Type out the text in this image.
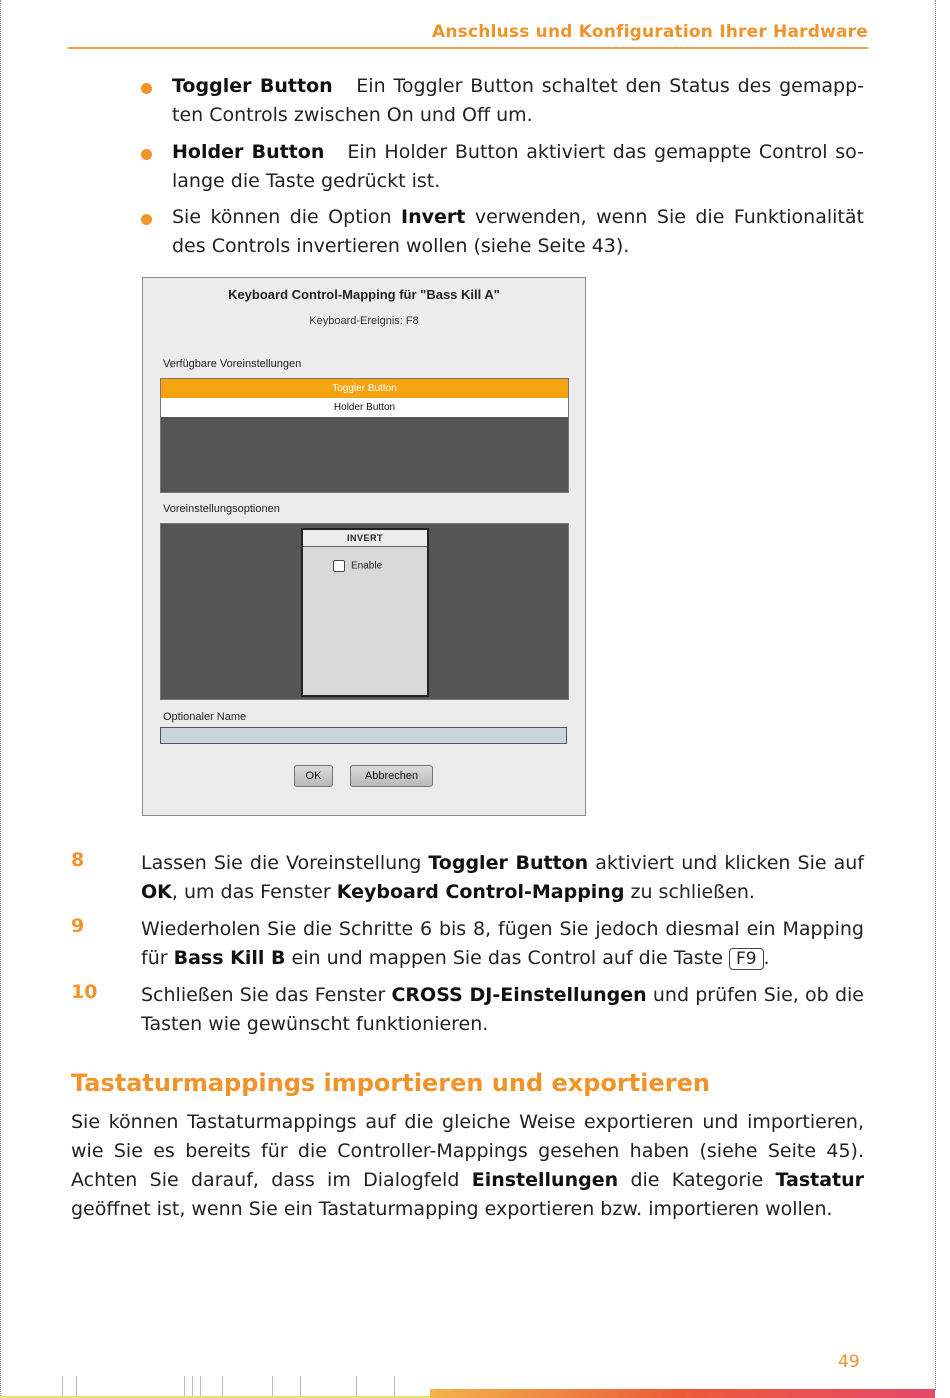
Anschluss und Konfiguration Ihrer Hardware
Toggler Button Ein Toggler Button schaltet den Status des gemapp-ten Controls zwischen On und Off um.
Holder Button Ein Holder Button aktiviert das gemappte Control so-lange die Taste gedrückt ist.
Sie können die Option Invert verwenden, wenn Sie die Funktionalität des Controls invertieren wollen (siehe Seite 43).
Keyboard Control-Mapping für "Bass Kill A"
Keyboard-Ereignis: F8
Verfügbare Voreinstellungen
Toggler Button
Holder Button
Voreinstellungsoptionen
INVERT
Enable
Optionaler Name
OK	Abbrechen
8	Lassen Sie die Voreinstellung Toggler Button aktiviert und klicken Sie auf OK, um das Fenster Keyboard Control-Mapping zu schließen.
9	Wiederholen Sie die Schritte 6 bis 8, fügen Sie jedoch diesmal ein Mapping für Bass Kill B ein und mappen Sie das Control auf die Taste F9 .
10 Schließen Sie das Fenster CROSS DJ-Einstellungen und prüfen Sie, ob die Tasten wie gewünscht funktionieren.
Tastaturmappings importieren und exportieren
Sie können Tastaturmappings auf die gleiche Weise exportieren und importieren, wie Sie es bereits für die Controller-Mappings gesehen haben (siehe Seite 45). Achten Sie darauf, dass im Dialogfeld Einstellungen die Kategorie Tastatur geöffnet ist, wenn Sie ein Tastaturmapping exportieren bzw. importieren wollen.
49
